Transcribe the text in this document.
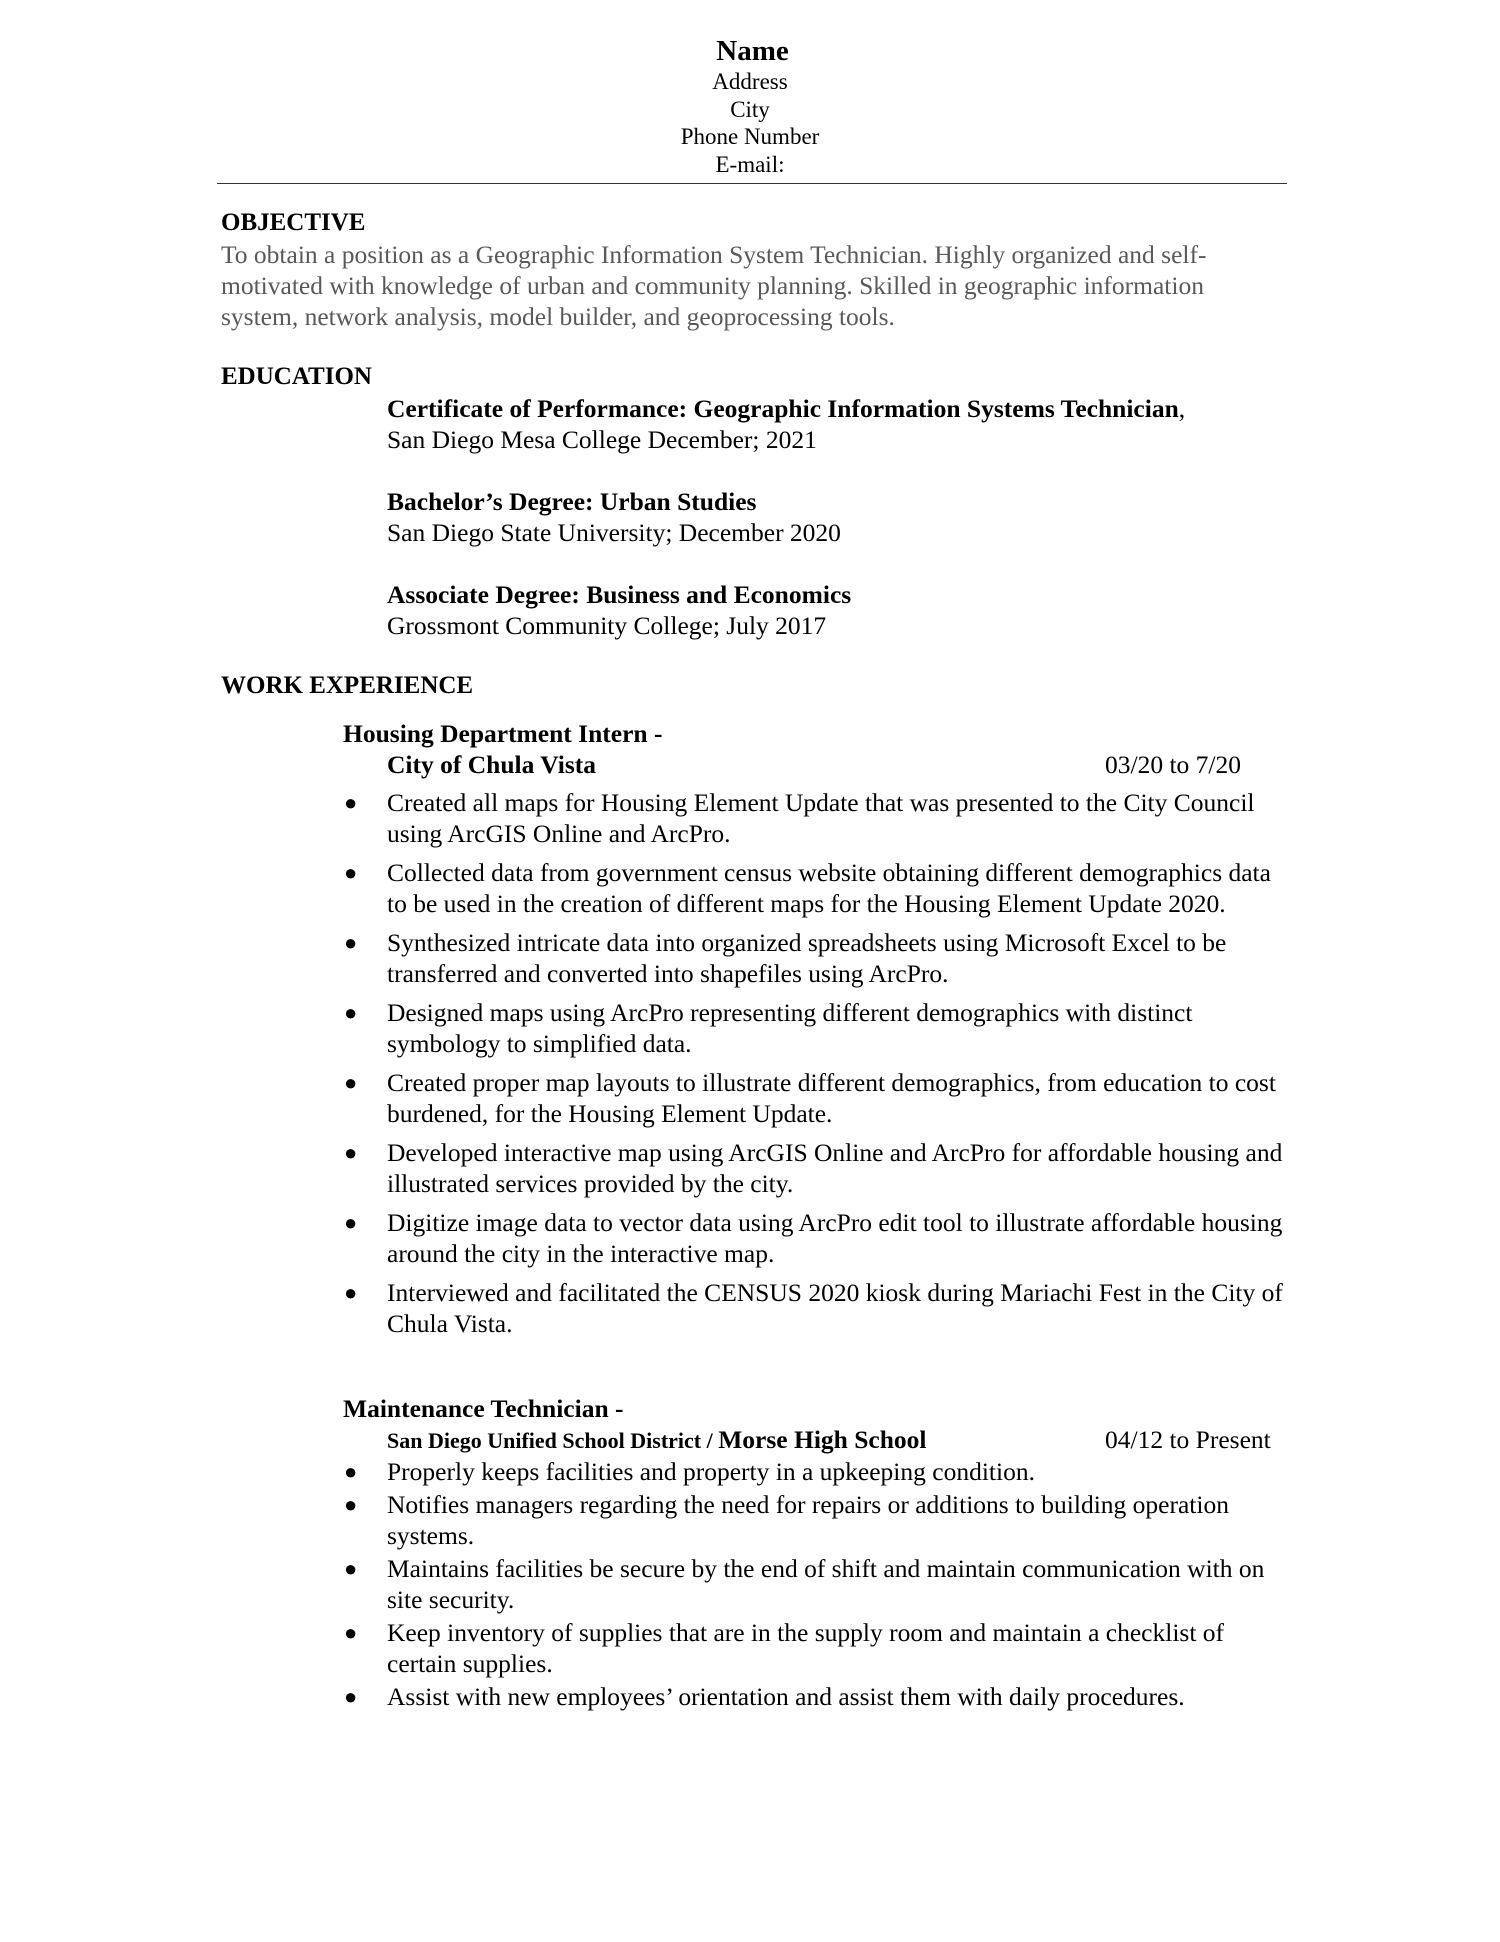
Name
Address
City
Phone Number
E-mail:
OBJECTIVE
To obtain a position as a Geographic Information System Technician. Highly organized and self-motivated with knowledge of urban and community planning. Skilled in geographic information system, network analysis, model builder, and geoprocessing tools.
EDUCATION
Certificate of Performance: Geographic Information Systems Technician,
San Diego Mesa College December; 2021
Bachelor’s Degree: Urban Studies
San Diego State University; December 2020
Associate Degree: Business and Economics
Grossmont Community College; July 2017
WORK EXPERIENCE
Housing Department Intern -
City of Chula Vista	03/20 to 7/20
● Created all maps for Housing Element Update that was presented to the City Council using ArcGIS Online and ArcPro.
● Collected data from government census website obtaining different demographics data to be used in the creation of different maps for the Housing Element Update 2020.
● Synthesized intricate data into organized spreadsheets using Microsoft Excel to be transferred and converted into shapefiles using ArcPro.
● Designed maps using ArcPro representing different demographics with distinct symbology to simplified data.
● Created proper map layouts to illustrate different demographics, from education to cost burdened, for the Housing Element Update.
● Developed interactive map using ArcGIS Online and ArcPro for affordable housing and illustrated services provided by the city.
● Digitize image data to vector data using ArcPro edit tool to illustrate affordable housing around the city in the interactive map.
● Interviewed and facilitated the CENSUS 2020 kiosk during Mariachi Fest in the City of Chula Vista.
Maintenance Technician -
San Diego Unified School District / Morse High School	04/12 to Present
● Properly keeps facilities and property in a upkeeping condition.
● Notifies managers regarding the need for repairs or additions to building operation systems.
● Maintains facilities be secure by the end of shift and maintain communication with on site security.
● Keep inventory of supplies that are in the supply room and maintain a checklist of certain supplies.
● Assist with new employees’ orientation and assist them with daily procedures.
